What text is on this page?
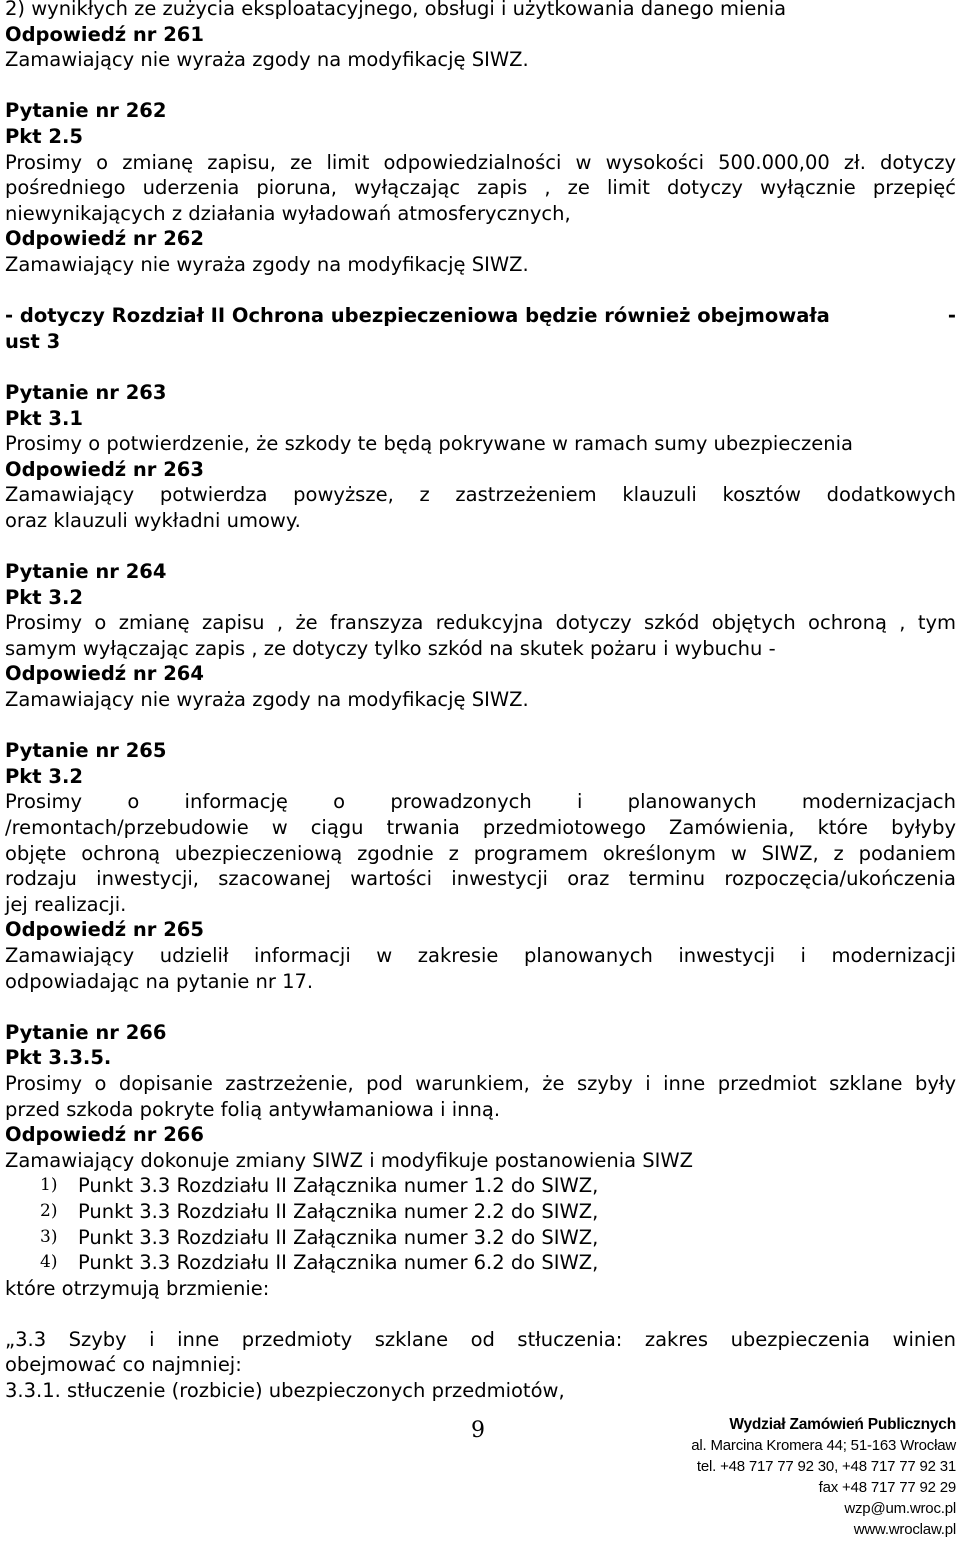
2) wynikłych ze zużycia eksploatacyjnego, obsługi i użytkowania danego mienia
Odpowiedź nr 261
Zamawiający nie wyraża zgody na modyfikację SIWZ.
Pytanie nr 262
Pkt 2.5
Prosimy o zmianę zapisu, ze limit odpowiedzialności w wysokości 500.000,00 zł. dotyczy pośredniego uderzenia pioruna, wyłączając zapis , ze limit dotyczy wyłącznie przepięć
niewynikających z działania wyładowań atmosferycznych,
Odpowiedź nr 262
Zamawiający nie wyraża zgody na modyfikację SIWZ.
- dotyczy Rozdział II Ochrona ubezpieczeniowa będzie również obejmowała	-
ust 3
Pytanie nr 263
Pkt 3.1
Prosimy o potwierdzenie, że szkody te będą pokrywane w ramach sumy ubezpieczenia
Odpowiedź nr 263
Zamawiający potwierdza powyższe, z zastrzeżeniem klauzuli kosztów dodatkowych
oraz klauzuli wykładni umowy.
Pytanie nr 264
Pkt 3.2
Prosimy o zmianę zapisu , że franszyza redukcyjna dotyczy szkód objętych ochroną , tym
samym wyłączając zapis , ze dotyczy tylko szkód na skutek pożaru i wybuchu -
Odpowiedź nr 264
Zamawiający nie wyraża zgody na modyfikację SIWZ.
Pytanie nr 265
Pkt 3.2
Prosimy o informację o prowadzonych i planowanych modernizacjach
/remontach/przebudowie w ciągu trwania przedmiotowego Zamówienia, które byłyby
objęte ochroną ubezpieczeniową zgodnie z programem określonym w SIWZ, z podaniem
rodzaju inwestycji, szacowanej wartości inwestycji oraz terminu rozpoczęcia/ukończenia
jej realizacji.
Odpowiedź nr 265
Zamawiający udzielił informacji w zakresie planowanych inwestycji i modernizacji
odpowiadając na pytanie nr 17.
Pytanie nr 266
Pkt 3.3.5.
Prosimy o dopisanie zastrzeżenie, pod warunkiem, że szyby i inne przedmiot szklane były
przed szkoda pokryte folią antywłamaniowa i inną.
Odpowiedź nr 266
Zamawiający dokonuje zmiany SIWZ i modyfikuje postanowienia SIWZ
1) Punkt 3.3 Rozdziału II Załącznika numer 1.2 do SIWZ,
2) Punkt 3.3 Rozdziału II Załącznika numer 2.2 do SIWZ,
3) Punkt 3.3 Rozdziału II Załącznika numer 3.2 do SIWZ,
4) Punkt 3.3 Rozdziału II Załącznika numer 6.2 do SIWZ,
które otrzymują brzmienie:
„3.3 Szyby i inne przedmioty szklane od stłuczenia: zakres ubezpieczenia winien
obejmować co najmniej:
3.3.1. stłuczenie (rozbicie) ubezpieczonych przedmiotów,
9	Wydział Zamówień Publicznych
al. Marcina Kromera 44; 51-163 Wrocław
tel. +48 717 77 92 30, +48 717 77 92 31
fax +48 717 77 92 29
wzp@um.wroc.pl
www.wroclaw.pl
